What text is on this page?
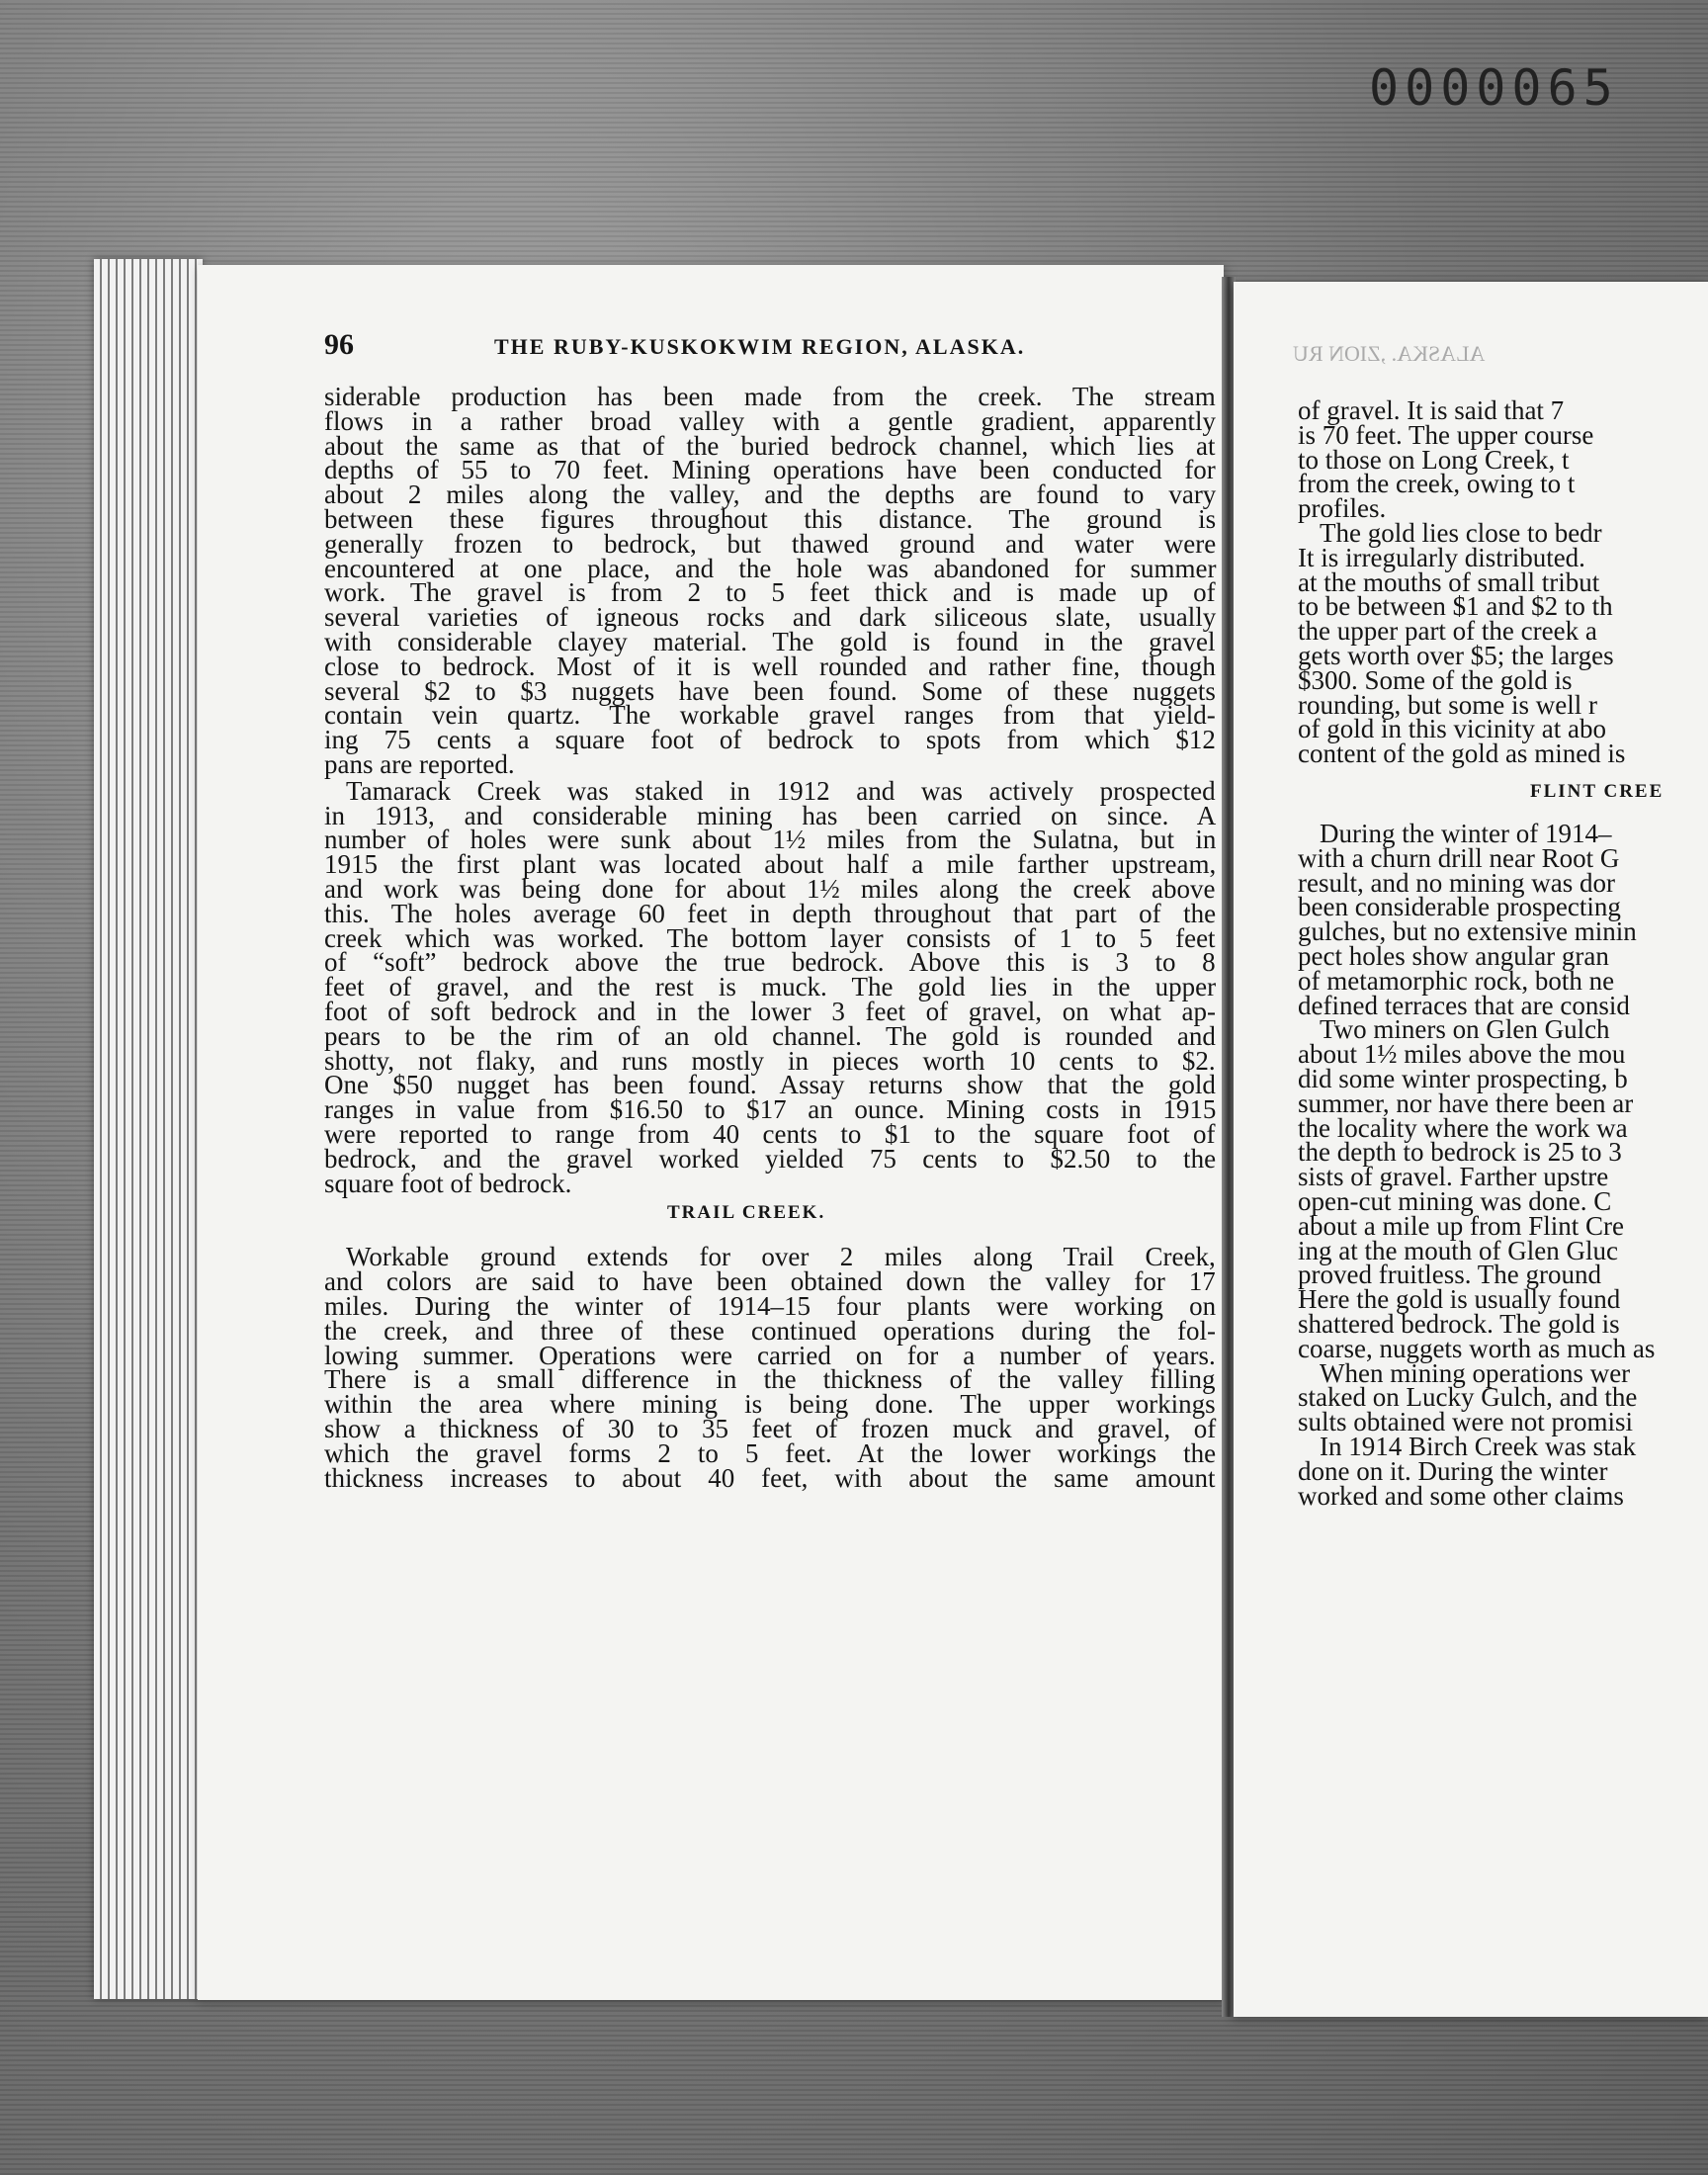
0000065
96	THE RUBY-KUSKOKWIM REGION, ALASKA.
siderable production has been made from the creek. The stream
flows in a rather broad valley with a gentle gradient, apparently
about the same as that of the buried bedrock channel, which lies at
depths of 55 to 70 feet. Mining operations have been conducted for
about 2 miles along the valley, and the depths are found to vary
between these figures throughout this distance. The ground is
generally frozen to bedrock, but thawed ground and water were
encountered at one place, and the hole was abandoned for summer
work. The gravel is from 2 to 5 feet thick and is made up of
several varieties of igneous rocks and dark siliceous slate, usually
with considerable clayey material. The gold is found in the gravel
close to bedrock. Most of it is well rounded and rather fine, though
several $2 to $3 nuggets have been found. Some of these nuggets
contain vein quartz. The workable gravel ranges from that yield-
ing 75 cents a square foot of bedrock to spots from which $12
pans are reported.
Tamarack Creek was staked in 1912 and was actively prospected
in 1913, and considerable mining has been carried on since. A
number of holes were sunk about 1½ miles from the Sulatna, but in
1915 the first plant was located about half a mile farther upstream,
and work was being done for about 1½ miles along the creek above
this. The holes average 60 feet in depth throughout that part of the
creek which was worked. The bottom layer consists of 1 to 5 feet
of “soft” bedrock above the true bedrock. Above this is 3 to 8
feet of gravel, and the rest is muck. The gold lies in the upper
foot of soft bedrock and in the lower 3 feet of gravel, on what ap-
pears to be the rim of an old channel. The gold is rounded and
shotty, not flaky, and runs mostly in pieces worth 10 cents to $2.
One $50 nugget has been found. Assay returns show that the gold
ranges in value from $16.50 to $17 an ounce. Mining costs in 1915
were reported to range from 40 cents to $1 to the square foot of
bedrock, and the gravel worked yielded 75 cents to $2.50 to the
square foot of bedrock.
TRAIL CREEK.
Workable ground extends for over 2 miles along Trail Creek,
and colors are said to have been obtained down the valley for 17
miles. During the winter of 1914–15 four plants were working on
the creek, and three of these continued operations during the fol-
lowing summer. Operations were carried on for a number of years.
There is a small difference in the thickness of the valley filling
within the area where mining is being done. The upper workings
show a thickness of 30 to 35 feet of frozen muck and gravel, of
which the gravel forms 2 to 5 feet. At the lower workings the
thickness increases to about 40 feet, with about the same amount
ALASKA. ,ZION RU
of gravel. It is said that 7
is 70 feet. The upper course
to those on Long Creek, t
from the creek, owing to t
profiles.
The gold lies close to bedr
It is irregularly distributed.
at the mouths of small tribut
to be between $1 and $2 to th
the upper part of the creek a
gets worth over $5; the larges
$300. Some of the gold is
rounding, but some is well r
of gold in this vicinity at abo
content of the gold as mined is
FLINT CREE
During the winter of 1914–
with a churn drill near Root G
result, and no mining was dor
been considerable prospecting
gulches, but no extensive minin
pect holes show angular gran
of metamorphic rock, both ne
defined terraces that are consid
Two miners on Glen Gulch
about 1½ miles above the mou
did some winter prospecting, b
summer, nor have there been ar
the locality where the work wa
the depth to bedrock is 25 to 3
sists of gravel. Farther upstre
open-cut mining was done. C
about a mile up from Flint Cre
ing at the mouth of Glen Gluc
proved fruitless. The ground
Here the gold is usually found
shattered bedrock. The gold is
coarse, nuggets worth as much as
When mining operations wer
staked on Lucky Gulch, and the
sults obtained were not promisi
In 1914 Birch Creek was stak
done on it. During the winter
worked and some other claims
